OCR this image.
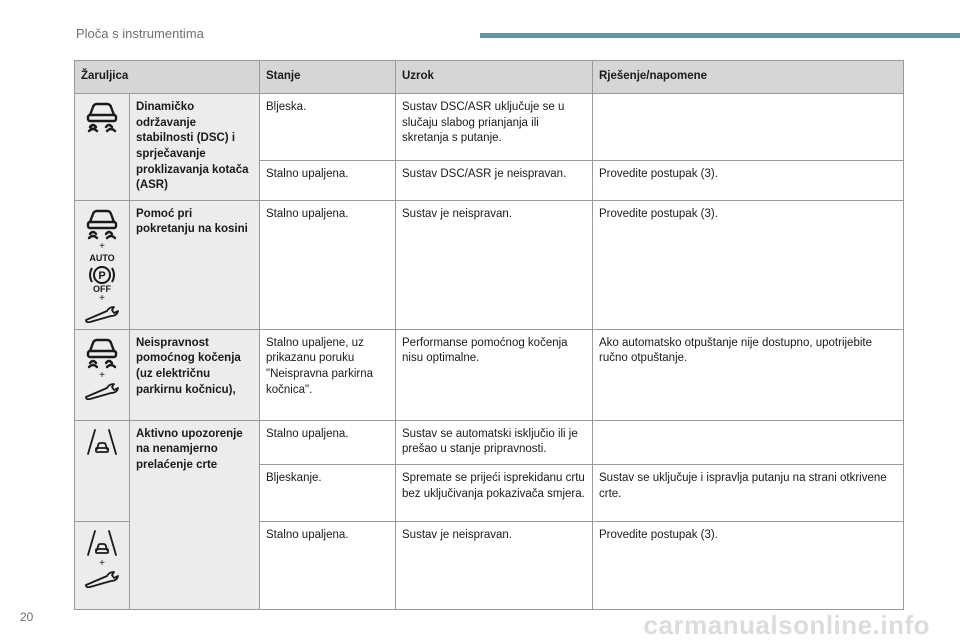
Ploča s instrumentima
Žaruljica		Stanje	Uzrok	Rješenje/napomene

	Dinamičko održavanje stabilnosti (DSC) i sprječavanje proklizavanja kotača (ASR)	Bljeska.	Sustav DSC/ASR uključuje se u slučaju slabog prianjanja ili skretanja s putanje.	
		Stalno upaljena.	Sustav DSC/ASR je neispravan.	Provedite postupak (3).

+
AUTO
P
OFF
+	Pomoć pri pokretanju na kosini	Stalno upaljena.	Sustav je neispravan.	Provedite postupak (3).

+	Neispravnost pomoćnog kočenja (uz električnu parkirnu kočnicu),	Stalno upaljene, uz prikazanu poruku "Neispravna parkirna kočnica".	Performanse pomoćnog kočenja nisu optimalne.	Ako automatsko otpuštanje nije dostupno, upotrijebite ručno otpuštanje.

	Aktivno upozorenje na nenamjerno prelaćenje crte	Stalno upaljena.	Sustav se automatski isključio ili je prešao u stanje pripravnosti.	
		Bljeskanje.	Spremate se prijeći isprekidanu crtu bez uključivanja pokazivača smjera.	Sustav se uključuje i ispravlja putanju na strani otkrivene crte.

+		Stalno upaljena.	Sustav je neispravan.	Provedite postupak (3).
20	carmanualsonline.info
